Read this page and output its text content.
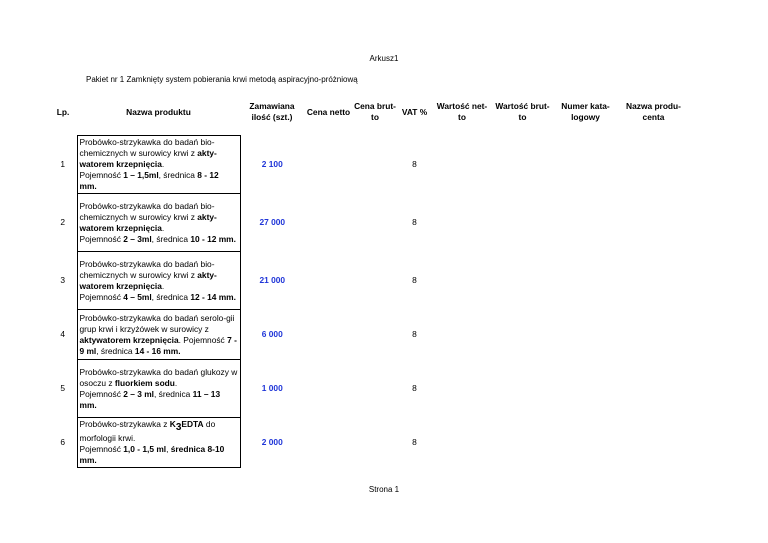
Arkusz1
Pakiet nr 1 Zamknięty system pobierania krwi metodą aspiracyjno-próżniową
Lp.	Nazwa produktu	Zamawiana ilość (szt.)	Cena netto	Cena brut- to	VAT %	Wartość net- to	Wartość brut- to	Numer kata- logowy	Nazwa produ- centa
1	Probówko-strzykawka do badań bio-chemicznych w surowicy krwi z akty-watorem krzepnięcia.
Pojemność 1 – 1,5ml, średnica 8 - 12 mm.	2 100			8				
2	Probówko-strzykawka do badań bio-chemicznych w surowicy krwi z akty-watorem krzepnięcia.
Pojemność 2 – 3ml, średnica 10 - 12 mm.	27 000			8				
3	Probówko-strzykawka do badań bio-chemicznych w surowicy krwi z akty-watorem krzepnięcia.
Pojemność 4 – 5ml, średnica 12 - 14 mm.	21 000			8				
4	Probówko-strzykawka do badań serolo-gii grup krwi i krzyżówek w surowicy z aktywatorem krzepnięcia. Pojemność 7 - 9 ml, średnica 14 - 16 mm.	6 000			8				
5	Probówko-strzykawka do badań glukozy w osoczu z fluorkiem sodu.
Pojemność 2 – 3 ml, średnica 11 – 13 mm.	1 000			8				
6	Probówko-strzykawka z K3EDTA do morfologii krwi.
Pojemność 1,0 - 1,5 ml, średnica 8-10 mm.	2 000			8				
Strona 1
